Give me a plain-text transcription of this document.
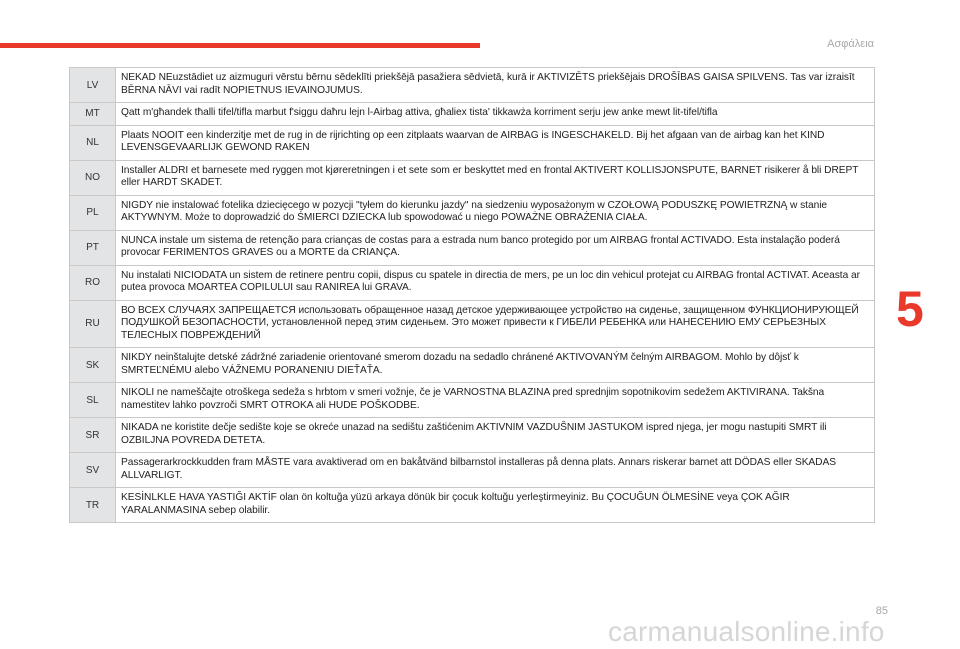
Ασφάλεια
LV
NEKAD NEuzstādiet uz aizmuguri vērstu bērnu sēdeklīti priekšējā pasažiera sēdvietā, kurā ir AKTIVIZĒTS priekšējais DROŠĪBAS GAISA SPILVENS. Tas var izraisīt BĒRNA NĀVI vai radīt NOPIETNUS IEVAINOJUMUS.
MT	Qatt m'għandek tħalli tifel/tifla marbut f'siggu daħru lejn l-Airbag attiva, għaliex tista' tikkawża korriment serju jew anke mewt lit-tifel/tifla
NL
Plaats NOOIT een kinderzitje met de rug in de rijrichting op een zitplaats waarvan de AIRBAG is INGESCHAKELD. Bij het afgaan van de airbag kan het KIND LEVENSGEVAARLIJK GEWOND RAKEN
NO
Installer ALDRI et barnesete med ryggen mot kjøreretningen i et sete som er beskyttet med en frontal AKTIVERT KOLLISJONSPUTE, BARNET risikerer å bli DREPT eller HARDT SKADET.
PL
NIGDY nie instalować fotelika dziecięcego w pozycji "tyłem do kierunku jazdy" na siedzeniu wyposażonym w CZOŁOWĄ PODUSZKĘ POWIETRZNĄ w stanie AKTYWNYM. Może to doprowadzić do ŚMIERCI DZIECKA lub spowodować u niego POWAŻNE OBRAŻENIA CIAŁA.
PT
NUNCA instale um sistema de retenção para crianças de costas para a estrada num banco protegido por um AIRBAG frontal ACTIVADO. Esta instalação poderá provocar FERIMENTOS GRAVES ou a MORTE da CRIANÇA.
RO
Nu instalati NICIODATA un sistem de retinere pentru copii, dispus cu spatele in directia de mers, pe un loc din vehicul protejat cu AIRBAG frontal ACTIVAT. Aceasta ar putea provoca MOARTEA COPILULUI sau RANIREA lui GRAVA.
RU
ВО ВСЕХ СЛУЧАЯХ ЗАПРЕЩАЕТСЯ использовать обращенное назад детское удерживающее устройство на сиденье, защищенном ФУНКЦИОНИРУЮЩЕЙ ПОДУШКОЙ БЕЗОПАСНОСТИ, установленной перед этим сиденьем. Это может привести к ГИБЕЛИ РЕБЕНКА или НАНЕСЕНИЮ ЕМУ СЕРЬЕЗНЫХ ТЕЛЕСНЫХ ПОВРЕЖДЕНИЙ
SK
NIKDY neinštalujte detské zádržné zariadenie orientované smerom dozadu na sedadlo chránené AKTIVOVANÝM čelným AIRBAGOM. Mohlo by dôjsť k SMRTEĽNÉMU alebo VÁŽNEMU PORANENIU DIEŤAŤA.
SL
NIKOLI ne nameščajte otroškega sedeža s hrbtom v smeri vožnje, če je VARNOSTNA BLAZINA pred sprednjim sopotnikovim sedežem AKTIVIRANA. Takšna namestitev lahko povzroči SMRT OTROKA ali HUDE POŠKODBE.
SR
NIKADA ne koristite dečje sedište koje se okreće unazad na sedištu zaštićenim AKTIVNIM VAZDUŠNIM JASTUKOM ispred njega, jer mogu nastupiti SMRT ili OZBILJNA POVREDA DETETA.
SV
Passagerarkrockkudden fram MÅSTE vara avaktiverad om en bakåtvänd bilbarnstol installeras på denna plats. Annars riskerar barnet att DÖDAS eller SKADAS ALLVARLIGT.
TR
KESİNLKLE HAVA YASTIĞI AKTİF olan ön koltuğa yüzü arkaya dönük bir çocuk koltuğu yerleştirmeyiniz. Bu ÇOCUĞUN ÖLMESİNE veya ÇOK AĞIR YARALANMASINA sebep olabilir.
5
85
carmanualsonline.info
